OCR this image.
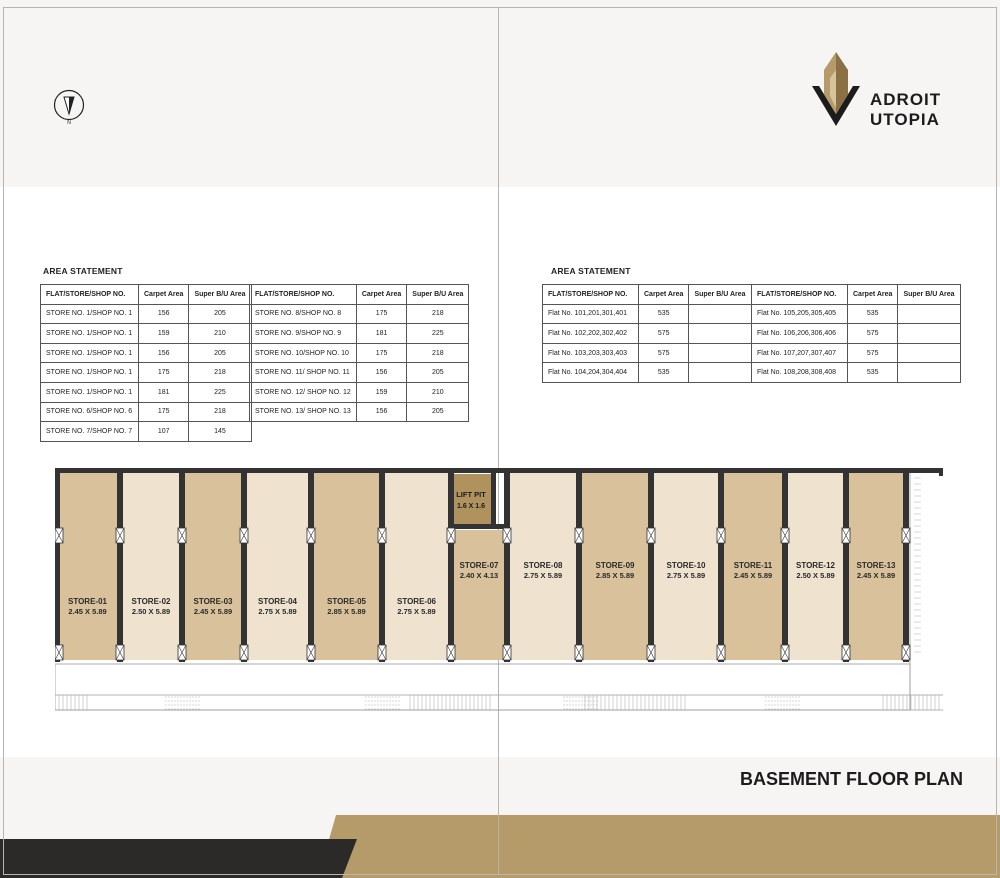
N
ADROIT
UTOPIA
AREA STATEMENT
FLAT/STORE/SHOP NO.	Carpet Area	Super B/U Area
STORE NO. 1/SHOP NO. 1	156	205
STORE NO. 1/SHOP NO. 1	159	210
STORE NO. 1/SHOP NO. 1	156	205
STORE NO. 1/SHOP NO. 1	175	218
STORE NO. 1/SHOP NO. 1	181	225
STORE NO. 6/SHOP NO. 6	175	218
STORE NO. 7/SHOP NO. 7	107	145
FLAT/STORE/SHOP NO.	Carpet Area	Super B/U Area
STORE NO. 8/SHOP NO. 8	175	218
STORE NO. 9/SHOP NO. 9	181	225
STORE NO. 10/SHOP NO. 10	175	218
STORE NO. 11/ SHOP NO. 11	156	205
STORE NO. 12/ SHOP NO. 12	159	210
STORE NO. 13/ SHOP NO. 13	156	205
AREA STATEMENT
FLAT/STORE/SHOP NO.	Carpet Area	Super B/U Area
Flat No. 101,201,301,401	535	
Flat No. 102,202,302,402	575	
Flat No. 103,203,303,403	575	
Flat No. 104,204,304,404	535	
FLAT/STORE/SHOP NO.	Carpet Area	Super B/U Area
Flat No. 105,205,305,405	535	
Flat No. 106,206,306,406	575	
Flat No. 107,207,307,407	575	
Flat No. 108,208,308,408	535	
STORE-01
2.45 X 5.89
STORE-02
2.50 X 5.89
STORE-03
2.45 X 5.89
STORE-04
2.75 X 5.89
STORE-05
2.85 X 5.89
STORE-06
2.75 X 5.89
STORE-07
2.40 X 4.13
STORE-08
2.75 X 5.89
STORE-09
2.85 X 5.89
STORE-10
2.75 X 5.89
STORE-11
2.45 X 5.89
STORE-12
2.50 X 5.89
STORE-13
2.45 X 5.89
LIFT PIT
1.6 X 1.6
BASEMENT FLOOR PLAN
